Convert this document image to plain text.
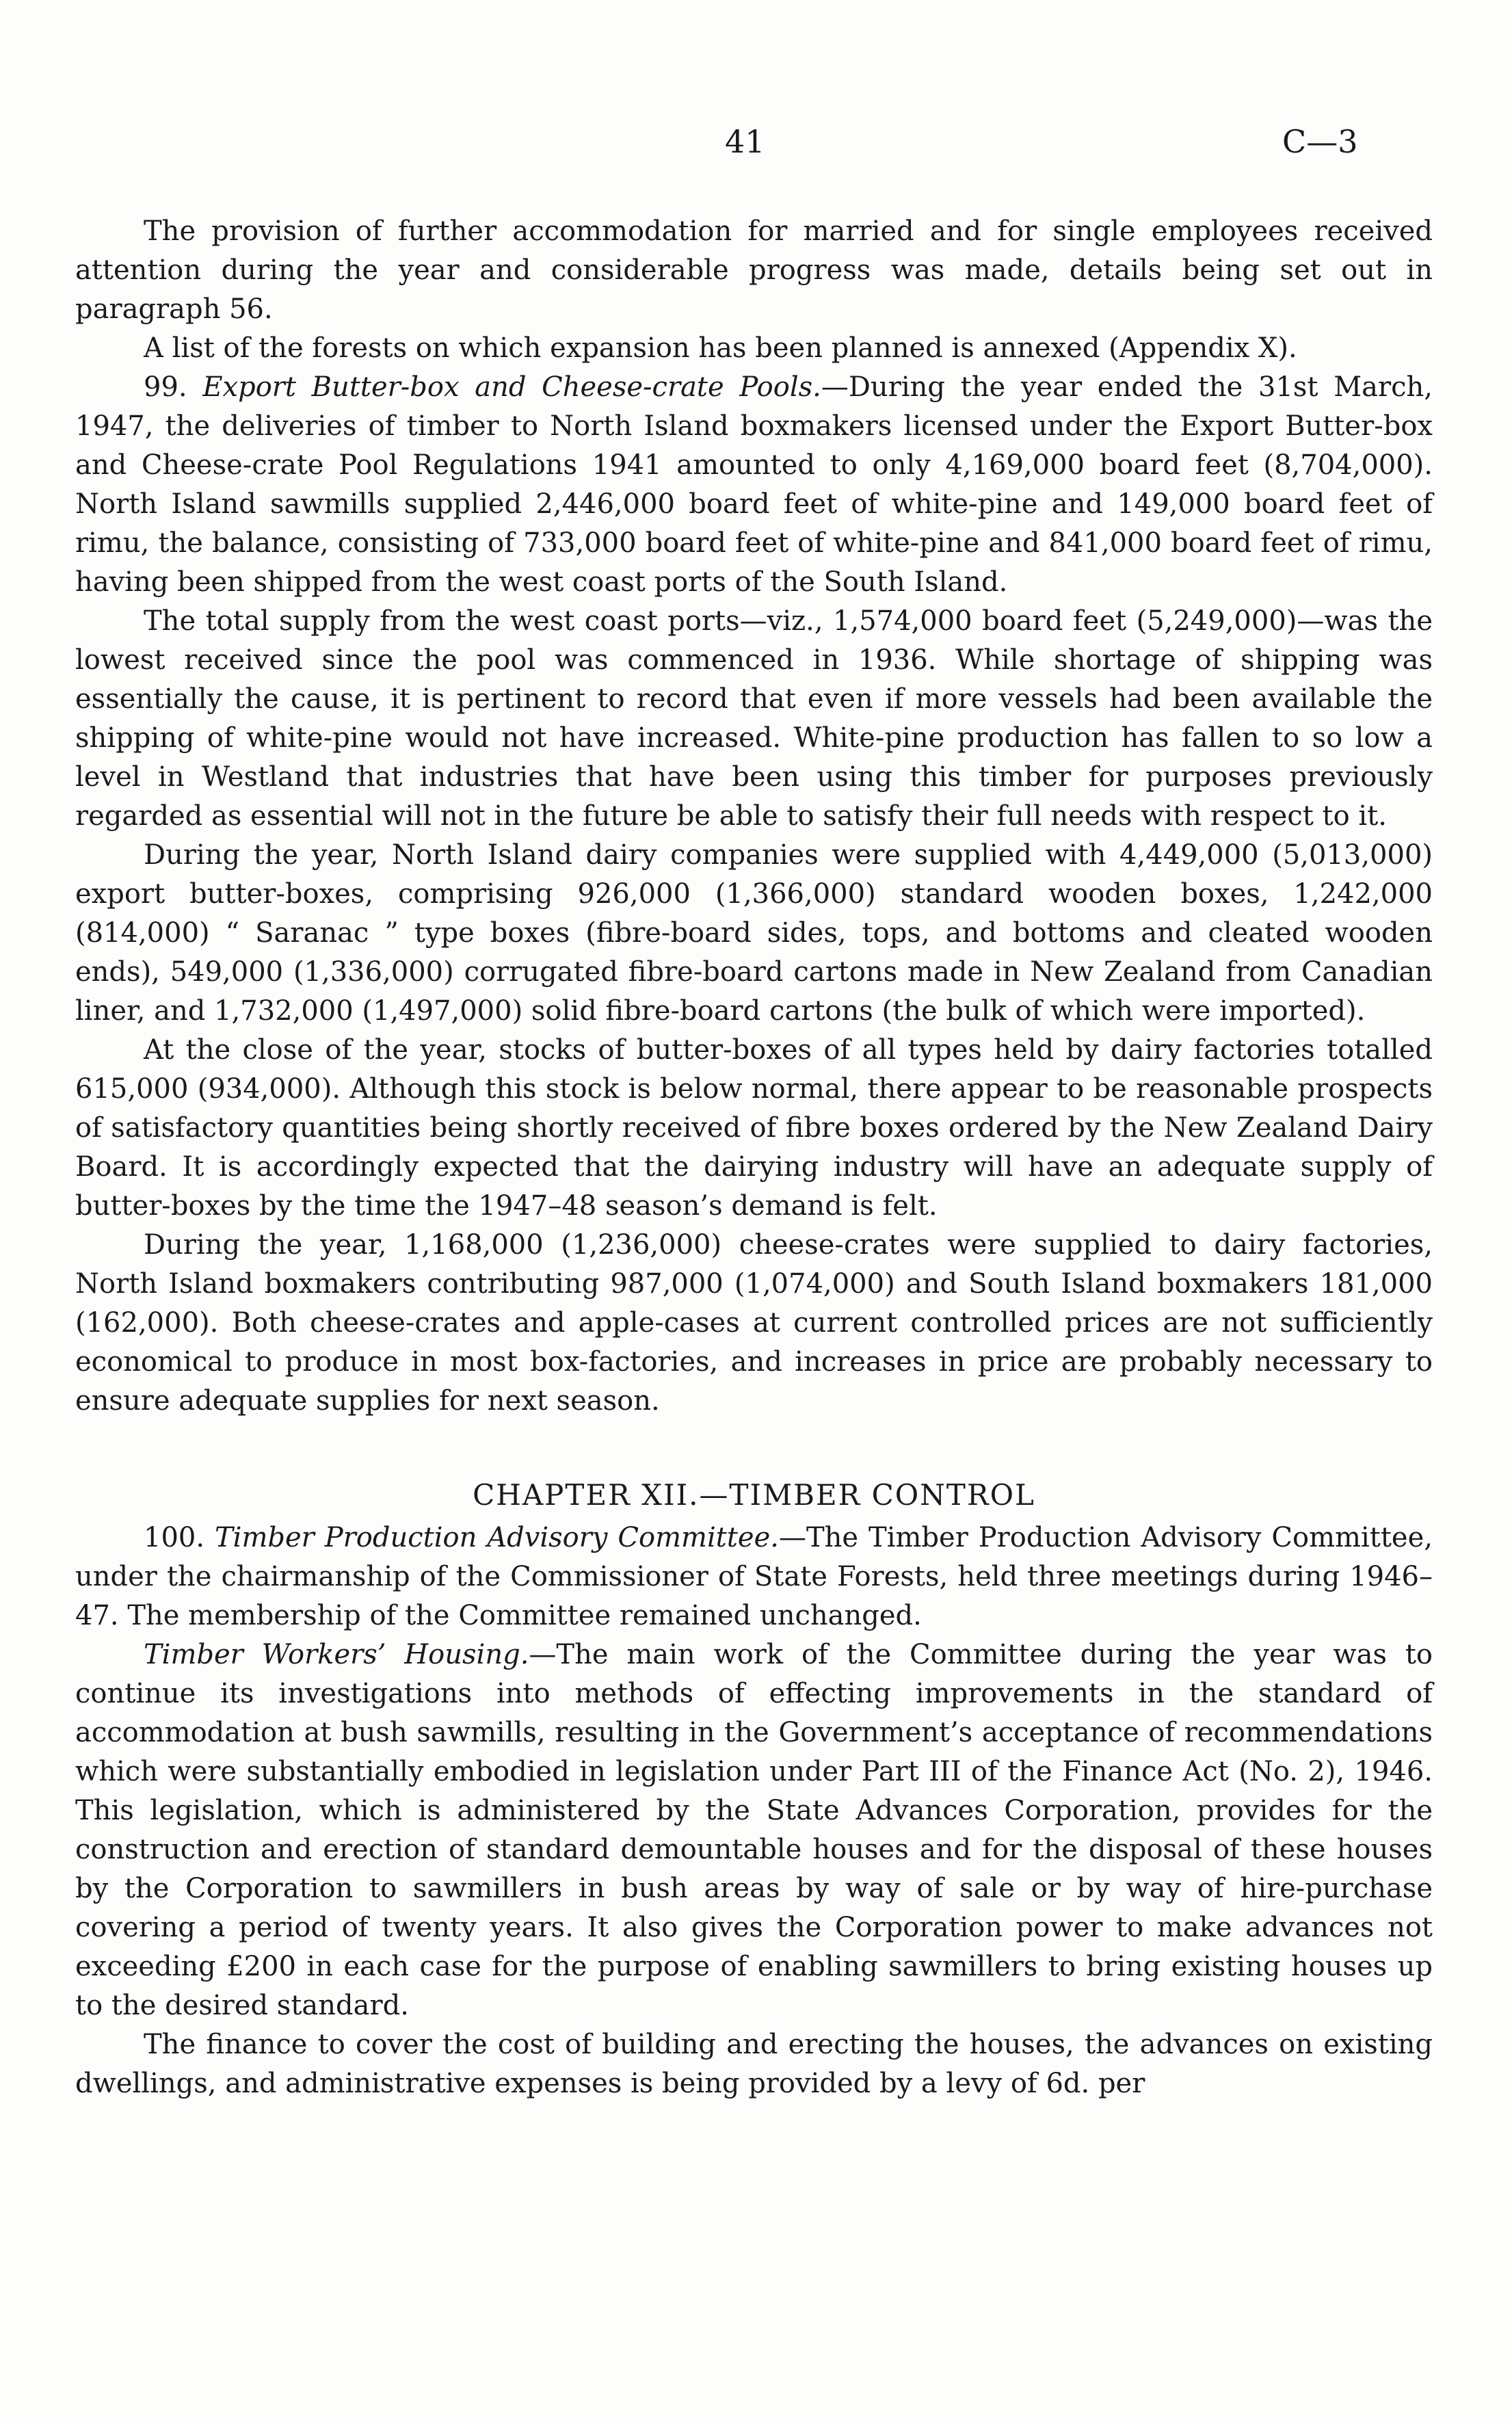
41	C—3

The provision of further accommodation for married and for single employees received attention during the year and considerable progress was made, details being set out in paragraph 56.

A list of the forests on which expansion has been planned is annexed (Appendix X).

99. Export Butter-box and Cheese-crate Pools.—During the year ended the 31st March, 1947, the deliveries of timber to North Island boxmakers licensed under the Export Butter-box and Cheese-crate Pool Regulations 1941 amounted to only 4,169,000 board feet (8,704,000). North Island sawmills supplied 2,446,000 board feet of white-pine and 149,000 board feet of rimu, the balance, consisting of 733,000 board feet of white-pine and 841,000 board feet of rimu, having been shipped from the west coast ports of the South Island.

The total supply from the west coast ports—viz., 1,574,000 board feet (5,249,000)—was the lowest received since the pool was commenced in 1936. While shortage of shipping was essentially the cause, it is pertinent to record that even if more vessels had been available the shipping of white-pine would not have increased. White-pine production has fallen to so low a level in Westland that industries that have been using this timber for purposes previously regarded as essential will not in the future be able to satisfy their full needs with respect to it.

During the year, North Island dairy companies were supplied with 4,449,000 (5,013,000) export butter-boxes, comprising 926,000 (1,366,000) standard wooden boxes, 1,242,000 (814,000) “ Saranac ” type boxes (fibre-board sides, tops, and bottoms and cleated wooden ends), 549,000 (1,336,000) corrugated fibre-board cartons made in New Zealand from Canadian liner, and 1,732,000 (1,497,000) solid fibre-board cartons (the bulk of which were imported).

At the close of the year, stocks of butter-boxes of all types held by dairy factories totalled 615,000 (934,000). Although this stock is below normal, there appear to be reasonable prospects of satisfactory quantities being shortly received of fibre boxes ordered by the New Zealand Dairy Board. It is accordingly expected that the dairying industry will have an adequate supply of butter-boxes by the time the 1947–48 season’s demand is felt.

During the year, 1,168,000 (1,236,000) cheese-crates were supplied to dairy factories, North Island boxmakers contributing 987,000 (1,074,000) and South Island boxmakers 181,000 (162,000). Both cheese-crates and apple-cases at current controlled prices are not sufficiently economical to produce in most box-factories, and increases in price are probably necessary to ensure adequate supplies for next season.

CHAPTER XII.—TIMBER CONTROL

100. Timber Production Advisory Committee.—The Timber Production Advisory Committee, under the chairmanship of the Commissioner of State Forests, held three meetings during 1946–47. The membership of the Committee remained unchanged.

Timber Workers’ Housing.—The main work of the Committee during the year was to continue its investigations into methods of effecting improvements in the standard of accommodation at bush sawmills, resulting in the Government’s acceptance of recommendations which were substantially embodied in legislation under Part III of the Finance Act (No. 2), 1946. This legislation, which is administered by the State Advances Corporation, provides for the construction and erection of standard demountable houses and for the disposal of these houses by the Corporation to sawmillers in bush areas by way of sale or by way of hire-purchase covering a period of twenty years. It also gives the Corporation power to make advances not exceeding £200 in each case for the purpose of enabling sawmillers to bring existing houses up to the desired standard.

The finance to cover the cost of building and erecting the houses, the advances on existing dwellings, and administrative expenses is being provided by a levy of 6d. per
